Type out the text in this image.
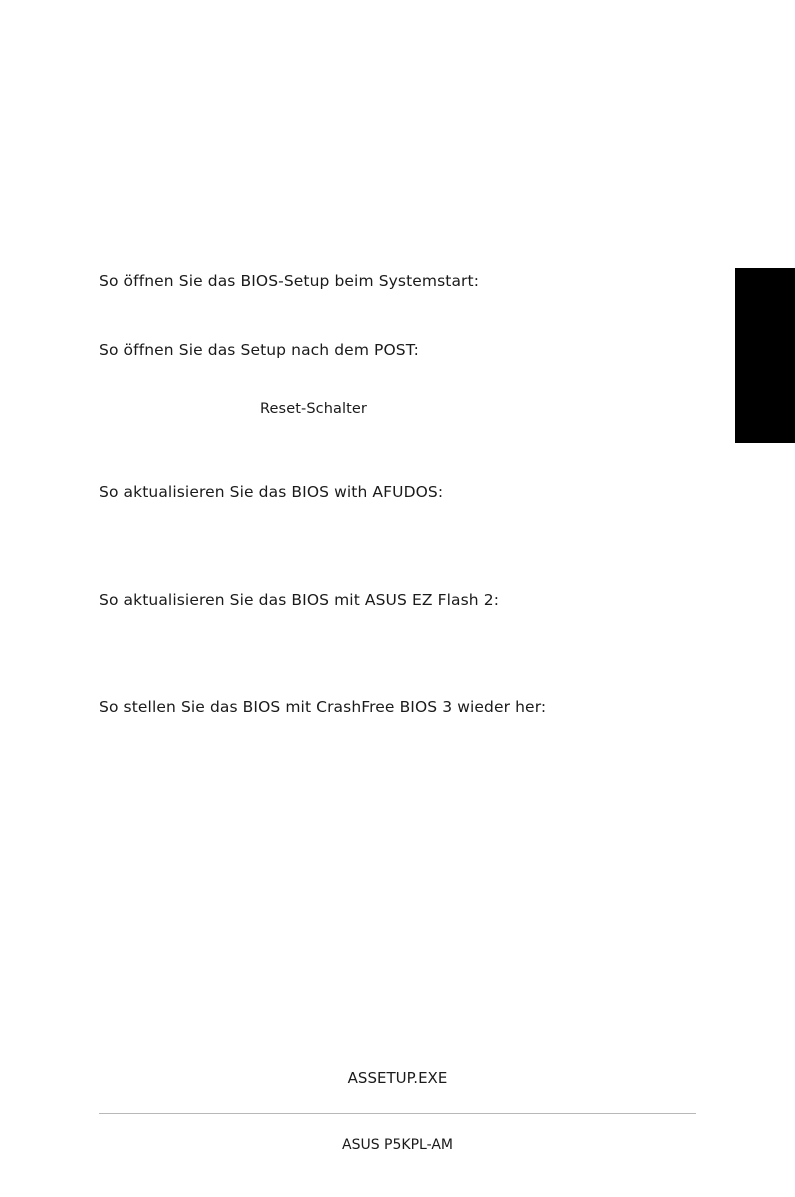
So öffnen Sie das BIOS-Setup beim Systemstart:
So öffnen Sie das Setup nach dem POST:
Reset-Schalter
So aktualisieren Sie das BIOS with AFUDOS:
So aktualisieren Sie das BIOS mit ASUS EZ Flash 2:
So stellen Sie das BIOS mit CrashFree BIOS 3 wieder her:
ASSETUP.EXE
ASUS P5KPL-AM
